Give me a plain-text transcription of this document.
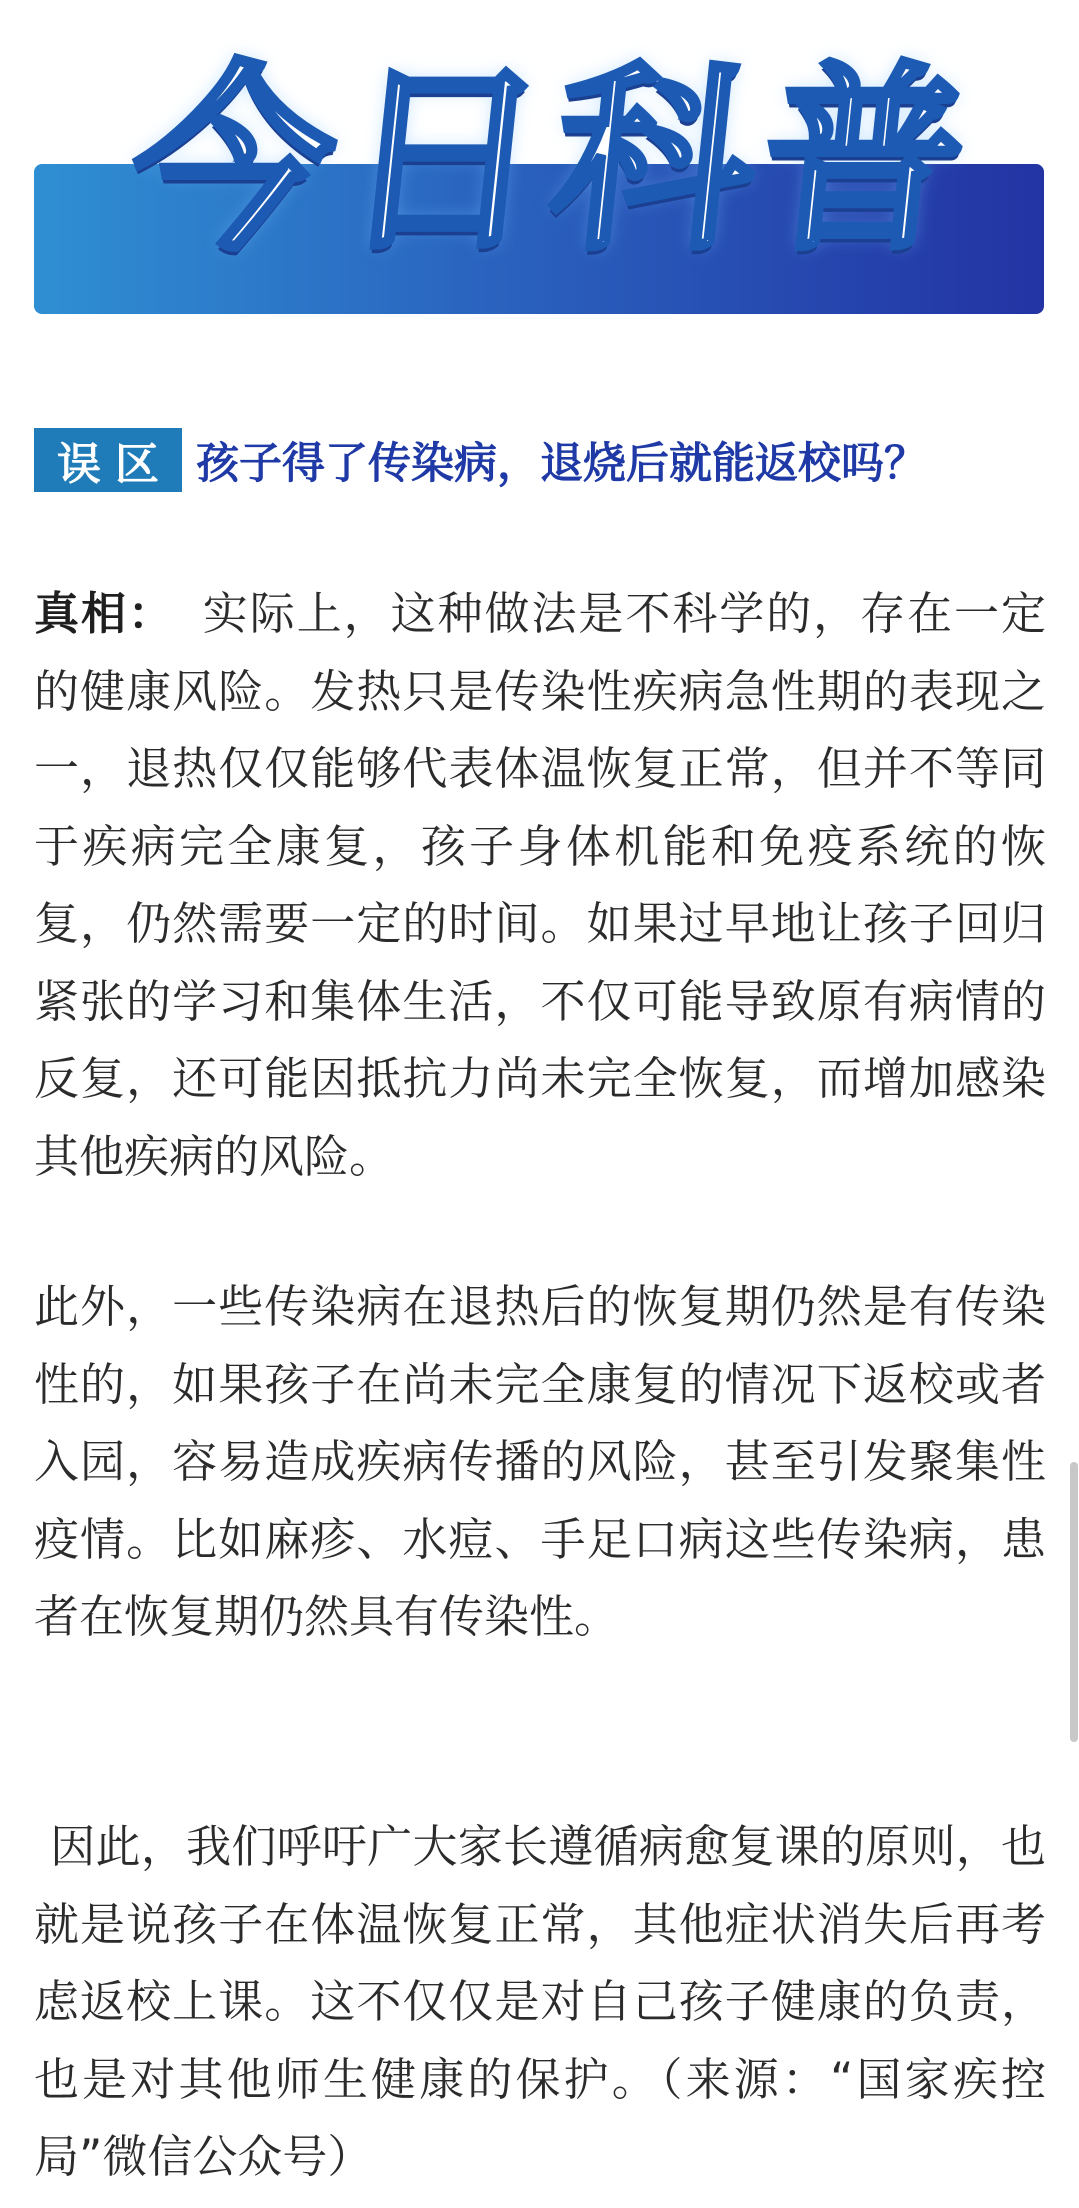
今
日
科
普
误区 孩子得了传染病，退烧后就能返校吗？

真相： 实际上，这种做法是不科学的，存在一定的健康风险。发热只是传染性疾病急性期的表现之一，退热仅仅能够代表体温恢复正常，但并不等同于疾病完全康复，孩子身体机能和免疫系统的恢复，仍然需要一定的时间。如果过早地让孩子回归紧张的学习和集体生活，不仅可能导致原有病情的反复，还可能因抵抗力尚未完全恢复，而增加感染其他疾病的风险。

此外，一些传染病在退热后的恢复期仍然是有传染性的，如果孩子在尚未完全康复的情况下返校或者入园，容易造成疾病传播的风险，甚至引发聚集性疫情。比如麻疹、水痘、手足口病这些传染病，患者在恢复期仍然具有传染性。

因此，我们呼吁广大家长遵循病愈复课的原则，也就是说孩子在体温恢复正常，其他症状消失后再考虑返校上课。这不仅仅是对自己孩子健康的负责，也是对其他师生健康的保护。（来源：“国家疾控局”微信公众号）
